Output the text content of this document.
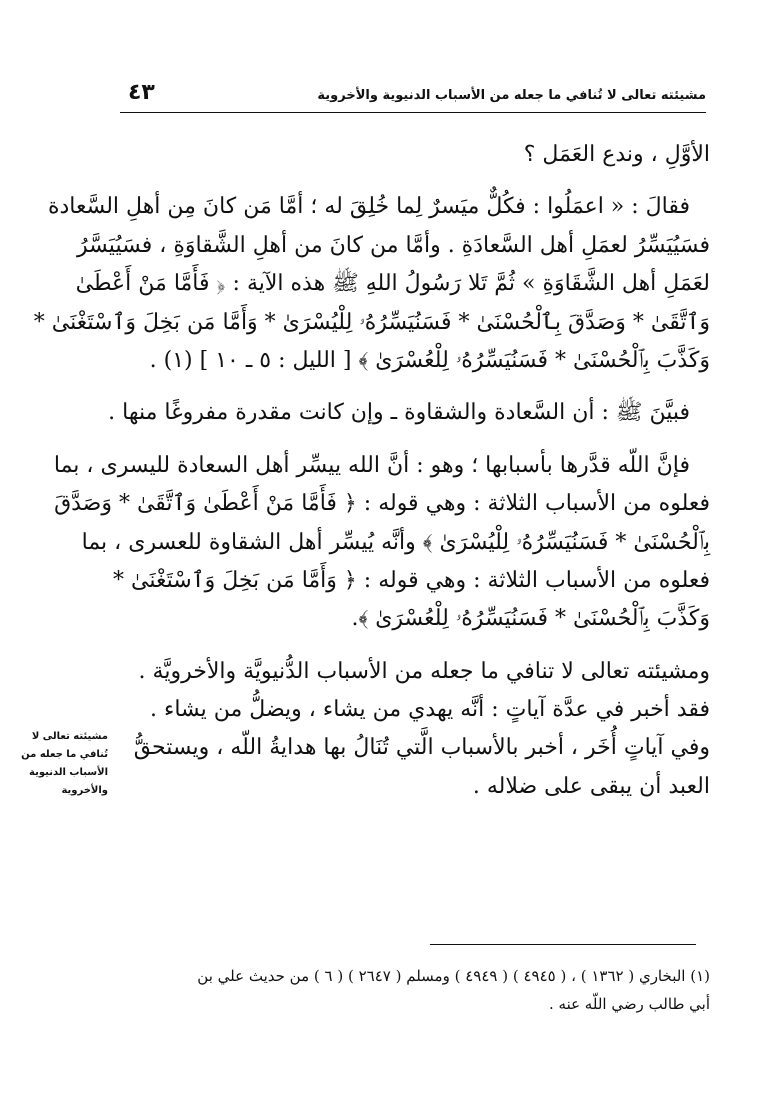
مشيئته تعالى لا تُنافي ما جعله من الأسباب الدنيوية والأخروية
٤٣
الأوَّلِ ، وندع العَمَل ؟
فقالَ : « اعمَلُوا : فكُلٌّ ميَسرٌ لِما خُلِقَ له ؛ أمَّا مَن كانَ مِن أهلِ السَّعادة
فسَيُيَسِّرُ لعمَلِ أهل السَّعادَةِ . وأمَّا من كانَ من أهلِ الشَّقاوَةِ ، فسَيُيَسَّرُ
لعَمَلِ أهل الشَّقَاوَةِ » ثُمَّ تَلا رَسُولُ اللهِ ﷺ هذه الآية : ﴿ فَأَمَّا مَنْ أَعْطَىٰ
وَٱتَّقَىٰ * وَصَدَّقَ بِٱلْحُسْنَىٰ * فَسَنُيَسِّرُهُۥ لِلْيُسْرَىٰ * وَأَمَّا مَن بَخِلَ وَٱسْتَغْنَىٰ *
وَكَذَّبَ بِٱلْحُسْنَىٰ * فَسَنُيَسِّرُهُۥ لِلْعُسْرَىٰ ﴾ [ الليل : ٥ ـ ١٠ ] (١) .
فبيَّنَ ﷺ : أن السَّعادة والشقاوة ـ وإن كانت مقدرة مفروغًا منها .
فإنَّ اللّه قدَّرها بأسبابها ؛ وهو : أنَّ الله ييسِّر أهل السعادة لليسرى ، بما
فعلوه من الأسباب الثلاثة : وهي قوله : ﴿ فَأَمَّا مَنْ أَعْطَىٰ وَٱتَّقَىٰ * وَصَدَّقَ
بِٱلْحُسْنَىٰ * فَسَنُيَسِّرُهُۥ لِلْيُسْرَىٰ ﴾ وأنَّه يُيسِّر أهل الشقاوة للعسرى ، بما
فعلوه من الأسباب الثلاثة : وهي قوله : ﴿ وَأَمَّا مَن بَخِلَ وَٱسْتَغْنَىٰ *
وَكَذَّبَ بِٱلْحُسْنَىٰ * فَسَنُيَسِّرُهُۥ لِلْعُسْرَىٰ ﴾.
ومشيئته تعالى لا تنافي ما جعله من الأسباب الدُّنيويَّة والأخرويَّة .
فقد أخبر في عدَّة آياتٍ : أنَّه يهدي من يشاء ، ويضلُّ من يشاء .
وفي آياتٍ أُخَر ، أخبر بالأسباب الَّتي تُنَالُ بها هدايةُ اللّه ، ويستحقُّ
العبد أن يبقى على ضلاله .
مشيئته تعالى لا
تُنافي ما جعله من
الأسباب الدنيوية
والأخروية
(١) البخاري ( ١٣٦٢ ) ، ( ٤٩٤٥ ) ( ٤٩٤٩ ) ومسلم ( ٢٦٤٧ ) ( ٦ ) من حديث علي بن
أبي طالب رضي اللّه عنه .
